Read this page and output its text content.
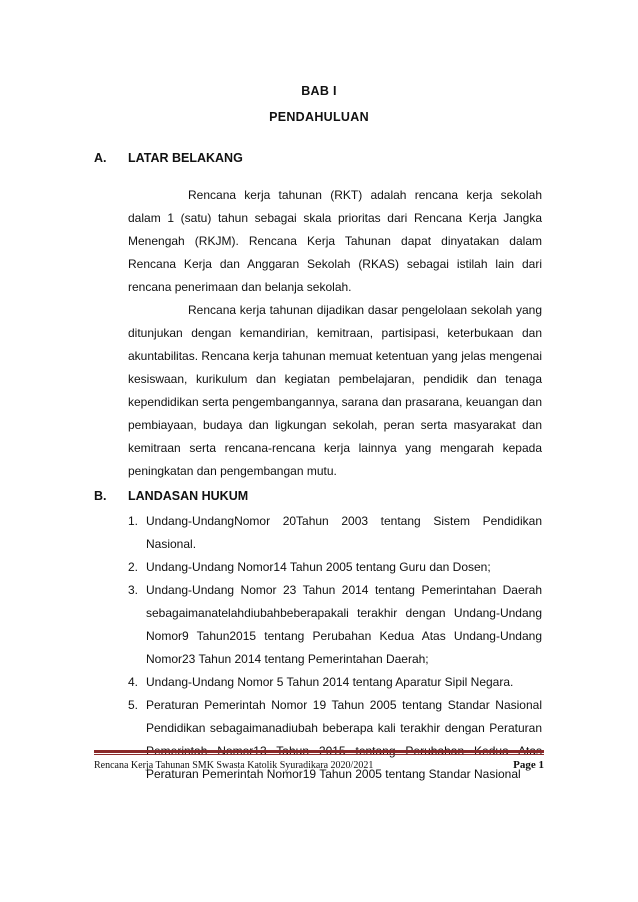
BAB I
PENDAHULUAN
A. LATAR BELAKANG

Rencana kerja tahunan (RKT) adalah rencana kerja sekolah dalam 1 (satu) tahun sebagai skala prioritas dari Rencana Kerja Jangka Menengah (RKJM). Rencana Kerja Tahunan dapat dinyatakan dalam Rencana Kerja dan Anggaran Sekolah (RKAS) sebagai istilah lain dari rencana penerimaan dan belanja sekolah.

Rencana kerja tahunan dijadikan dasar pengelolaan sekolah yang ditunjukan dengan kemandirian, kemitraan, partisipasi, keterbukaan dan akuntabilitas. Rencana kerja tahunan memuat ketentuan yang jelas mengenai kesiswaan, kurikulum dan kegiatan pembelajaran, pendidik dan tenaga kependidikan serta pengembangannya, sarana dan prasarana, keuangan dan pembiayaan, budaya dan ligkungan sekolah, peran serta masyarakat dan kemitraan serta rencana-rencana kerja lainnya yang mengarah kepada peningkatan dan pengembangan mutu.

B. LANDASAN HUKUM
1. Undang-UndangNomor 20Tahun 2003 tentang Sistem Pendidikan Nasional.
2. Undang-Undang Nomor14 Tahun 2005 tentang Guru dan Dosen;
3. Undang-Undang Nomor 23 Tahun 2014 tentang Pemerintahan Daerah sebagaimanatelahdiubahbeberapakali terakhir dengan Undang-Undang Nomor9 Tahun2015 tentang Perubahan Kedua Atas Undang-Undang Nomor23 Tahun 2014 tentang Pemerintahan Daerah;
4. Undang-Undang Nomor 5 Tahun 2014 tentang Aparatur Sipil Negara.
5. Peraturan Pemerintah Nomor 19 Tahun 2005 tentang Standar Nasional Pendidikan sebagaimanadiubah beberapa kali terakhir dengan Peraturan Peraturan Pemerintah Nomor19 Tahun 2005 tentang Standar Nasional
Rencana Kerja Tahunan SMK Swasta Katolik Syuradikara 2020/2021	Page 1
